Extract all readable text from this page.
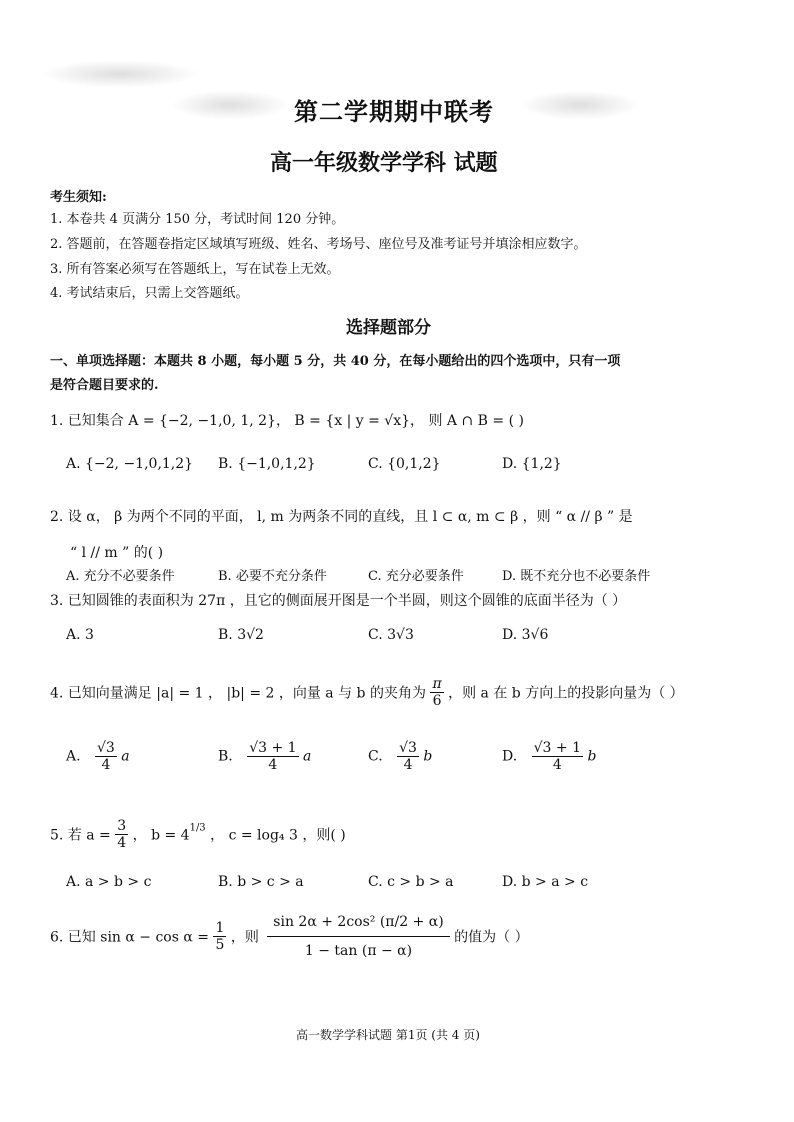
第二学期期中联考
高一年级数学学科 试题
考生须知:
1. 本卷共 4 页满分 150 分，考试时间 120 分钟。
2. 答题前，在答题卷指定区域填写班级、姓名、考场号、座位号及准考证号并填涂相应数字。
3. 所有答案必须写在答题纸上，写在试卷上无效。
4. 考试结束后，只需上交答题纸。
选择题部分
一、单项选择题：本题共 8 小题，每小题 5 分，共 40 分，在每小题给出的四个选项中，只有一项
是符合题目要求的.
1. 已知集合 A = {−2, −1,0, 1, 2}， B = {x | y = √x}， 则 A ∩ B = ( )
A. {−2, −1,0,1,2} B. {−1,0,1,2}	C. {0,1,2}	D. {1,2}
2. 设 α， β 为两个不同的平面， l, m 为两条不同的直线，且 l ⊂ α, m ⊂ β ，则 “ α // β ” 是
“ l // m ” 的( )
A. 充分不必要条件	B. 必要不充分条件	C. 充分必要条件	D. 既不充分也不必要条件
3. 已知圆锥的表面积为 27π ，且它的侧面展开图是一个半圆，则这个圆锥的底面半径为（ ）
A. 3	B. 3√2	C. 3√3	D. 3√6
4. 已知向量满足 |a| = 1 ， |b| = 2 ，向量 a 与 b 的夹角为 $\frac{\pi}{6}$ ，则 a 在 b 方向上的投影向量为（ ）
A. $\frac{√3}{4}$ a	B. $\frac{√3 + 1}{4}$ a	C. $\frac{√3}{4}$ b	D. $\frac{√3 + 1}{4}$ b
5. 若 $a = \frac{3}{4}$ ， $b = 4^{1/3}$ ， c = log₄ 3 ，则( )
A. a > b > c	B. b > c > a	C. c > b > a	D. b > a > c
6. 已知 $\sin \alpha - \cos \alpha = \frac{1}{5}$ ，则 $\frac{\text{sin 2α + 2cos² (π/2 + α)}}{1 - \tan (\pi - \alpha)}$ 的值为（ ）
高一数学学科试题 第1页 (共 4 页)
